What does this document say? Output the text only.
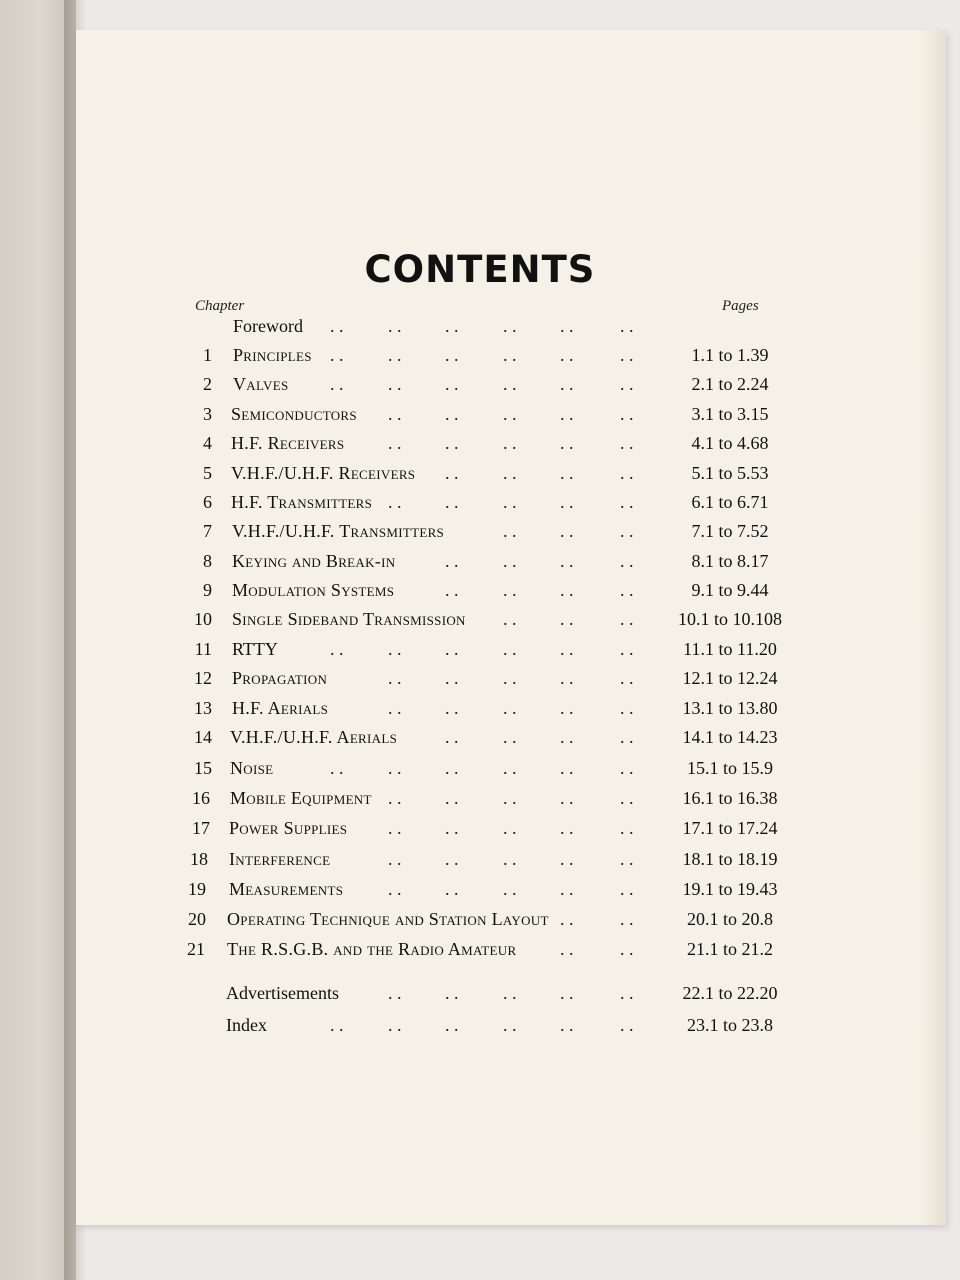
CONTENTS
Chapter	Pages
Foreword . . . . . . . . . .	. .
1 Principles . . . . . . . . . .	. .	1.1 to 1.39
2 Valves . . . . . . . . . .	. .	2.1 to 2.24
3 Semiconductors . . . . . . . .	. .	3.1 to 3.15
4 H.F. Receivers . . . . . . . .	. .	4.1 to 4.68
5 V.H.F./U.H.F. Receivers . . . . . .	. .	5.1 to 5.53
6 H.F. Transmitters . . . . . . . .	. .	6.1 to 6.71
7 V.H.F./U.H.F. Transmitters	. . . .	. .	7.1 to 7.52
8 Keying and Break-in	. . . . . .	. .	8.1 to 8.17
9 Modulation Systems	. . . . . .	. .	9.1 to 9.44
10 Single Sideband Transmission . . . .	. .	10.1 to 10.108
11 RTTY	. . . . . . . . . .	. .	11.1 to 11.20
12 Propagation	. . . . . . . .	. .	12.1 to 12.24
13 H.F. Aerials	. . . . . . . .	. .	13.1 to 13.80
14 V.H.F./U.H.F. Aerials	. . . . . .	. .	14.1 to 14.23
15 Noise	. . . . . . . . . .	. .	15.1 to 15.9
16 Mobile Equipment . . . . . . . .	. .	16.1 to 16.38
17 Power Supplies . . . . . . . .	. .	17.1 to 17.24
18 Interference	. . . . . . . .	. .	18.1 to 18.19
19 Measurements . . . . . . . .	. .	19.1 to 19.43
20 Operating Technique and Station Layout . .	. .	20.1 to 20.8
21 The R.S.G.B. and the Radio Amateur . .	. .	21.1 to 21.2
Advertisements	. . . . . . . .	. .	22.1 to 22.20
Index	. . . . . . . . . .	. .	23.1 to 23.8
